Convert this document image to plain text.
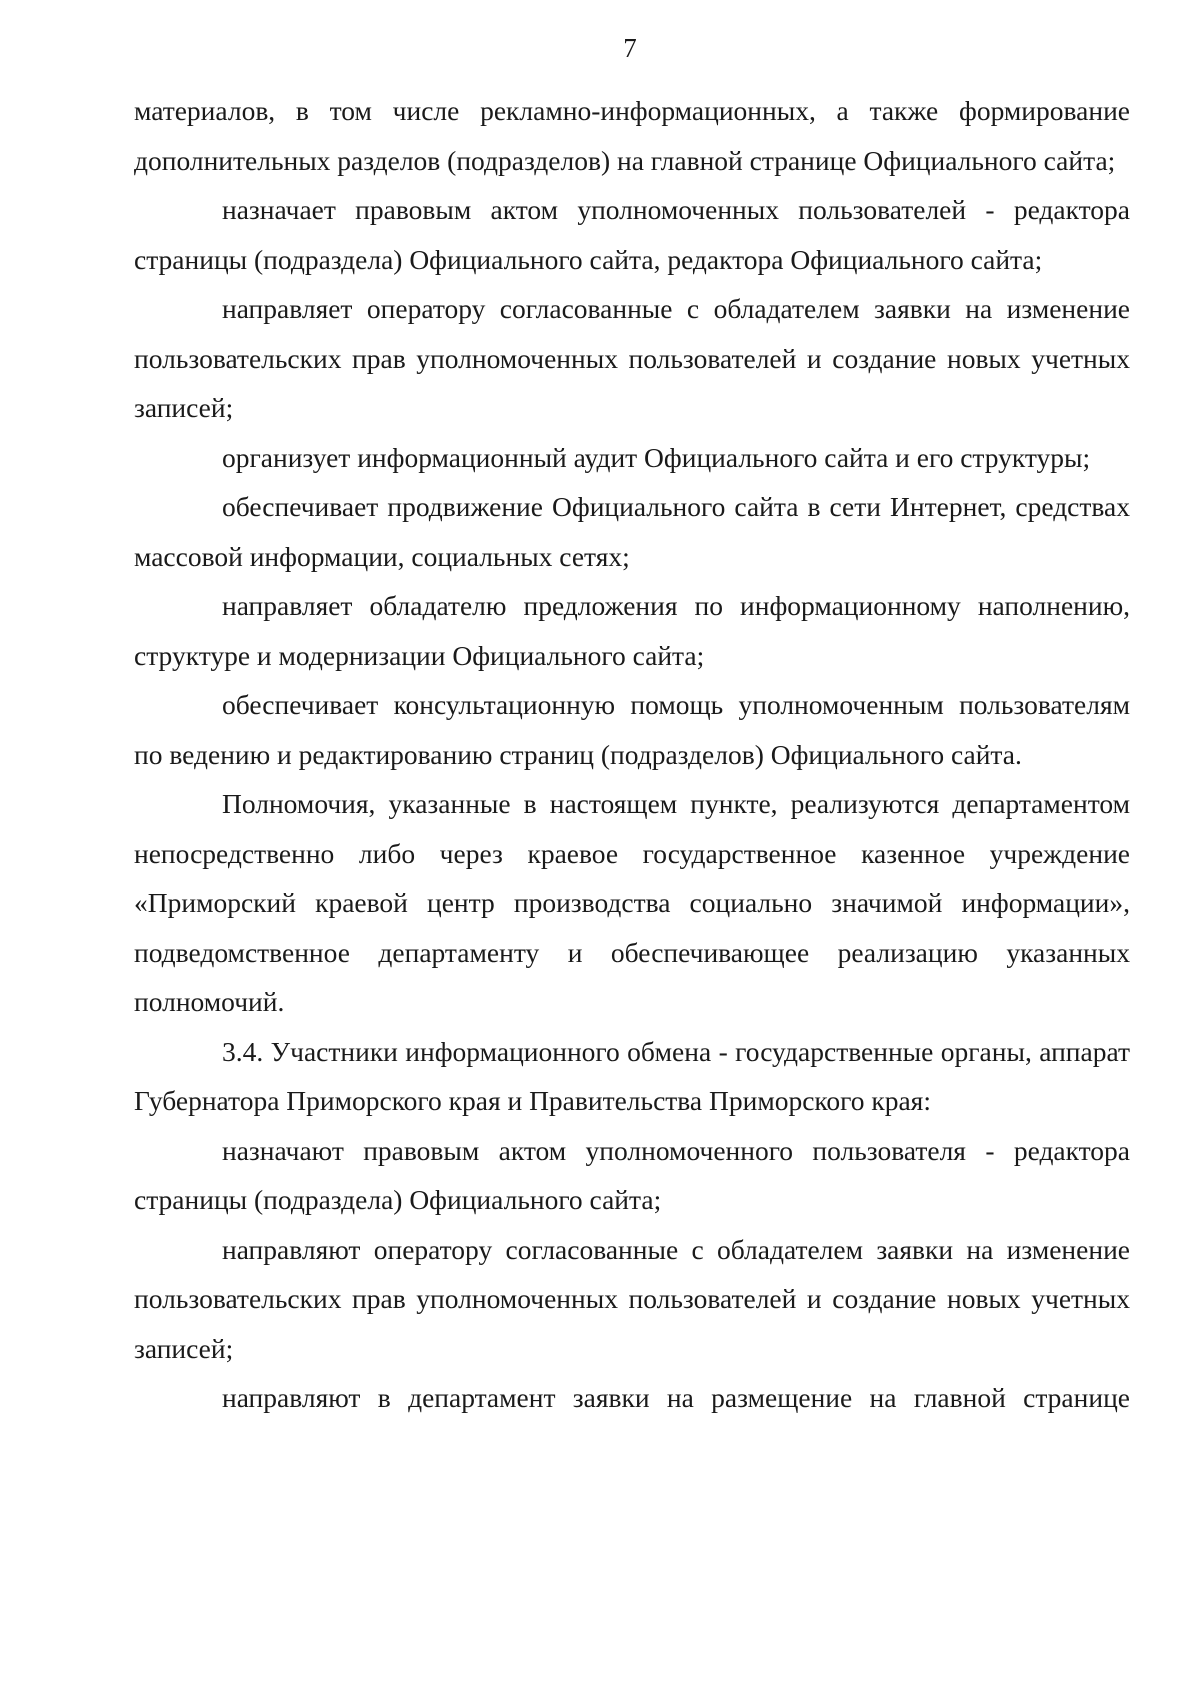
7

материалов, в том числе рекламно-информационных, а также формирование дополнительных разделов (подразделов) на главной странице Официального сайта;

назначает правовым актом уполномоченных пользователей - редактора страницы (подраздела) Официального сайта, редактора Официального сайта;

направляет оператору согласованные с обладателем заявки на изменение пользовательских прав уполномоченных пользователей и создание новых учетных записей;

организует информационный аудит Официального сайта и его структуры;

обеспечивает продвижение Официального сайта в сети Интернет, средствах массовой информации, социальных сетях;

направляет обладателю предложения по информационному наполнению, структуре и модернизации Официального сайта;

обеспечивает консультационную помощь уполномоченным пользователям по ведению и редактированию страниц (подразделов) Официального сайта.

Полномочия, указанные в настоящем пункте, реализуются департаментом непосредственно либо через краевое государственное казенное учреждение «Приморский краевой центр производства социально значимой информации», подведомственное департаменту и обеспечивающее реализацию указанных полномочий.

3.4. Участники информационного обмена - государственные органы, аппарат Губернатора Приморского края и Правительства Приморского края:

назначают правовым актом уполномоченного пользователя - редактора страницы (подраздела) Официального сайта;

направляют оператору согласованные с обладателем заявки на изменение пользовательских прав уполномоченных пользователей и создание новых учетных записей;

направляют в департамент заявки на размещение на главной странице
